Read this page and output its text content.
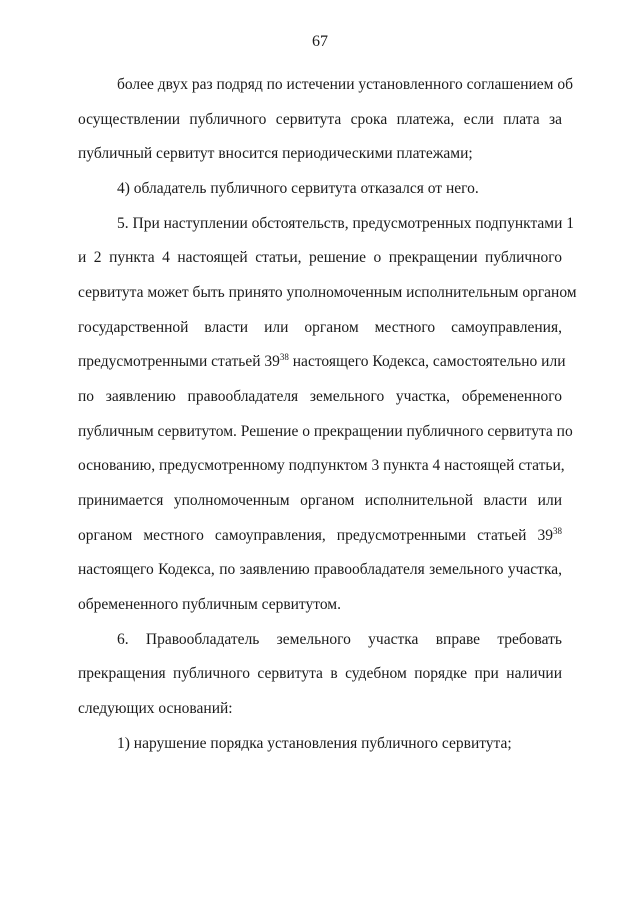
67
более двух раз подряд по истечении установленного соглашением об
осуществлении публичного сервитута срока платежа, если плата за
публичный сервитут вносится периодическими платежами;
4) обладатель публичного сервитута отказался от него.
5. При наступлении обстоятельств, предусмотренных подпунктами 1
и 2 пункта 4 настоящей статьи, решение о прекращении публичного
сервитута может быть принято уполномоченным исполнительным органом
государственной власти или органом местного самоуправления,
предусмотренными статьей $39^{38}$ настоящего Кодекса, самостоятельно или
по заявлению правообладателя земельного участка, обремененного
публичным сервитутом. Решение о прекращении публичного сервитута по
основанию, предусмотренному подпунктом 3 пункта 4 настоящей статьи,
принимается уполномоченным органом исполнительной власти или
органом местного самоуправления, предусмотренными статьей $39^{38}$
настоящего Кодекса, по заявлению правообладателя земельного участка,
обремененного публичным сервитутом.
6. Правообладатель земельного участка вправе требовать
прекращения публичного сервитута в судебном порядке при наличии
следующих оснований:
1) нарушение порядка установления публичного сервитута;
